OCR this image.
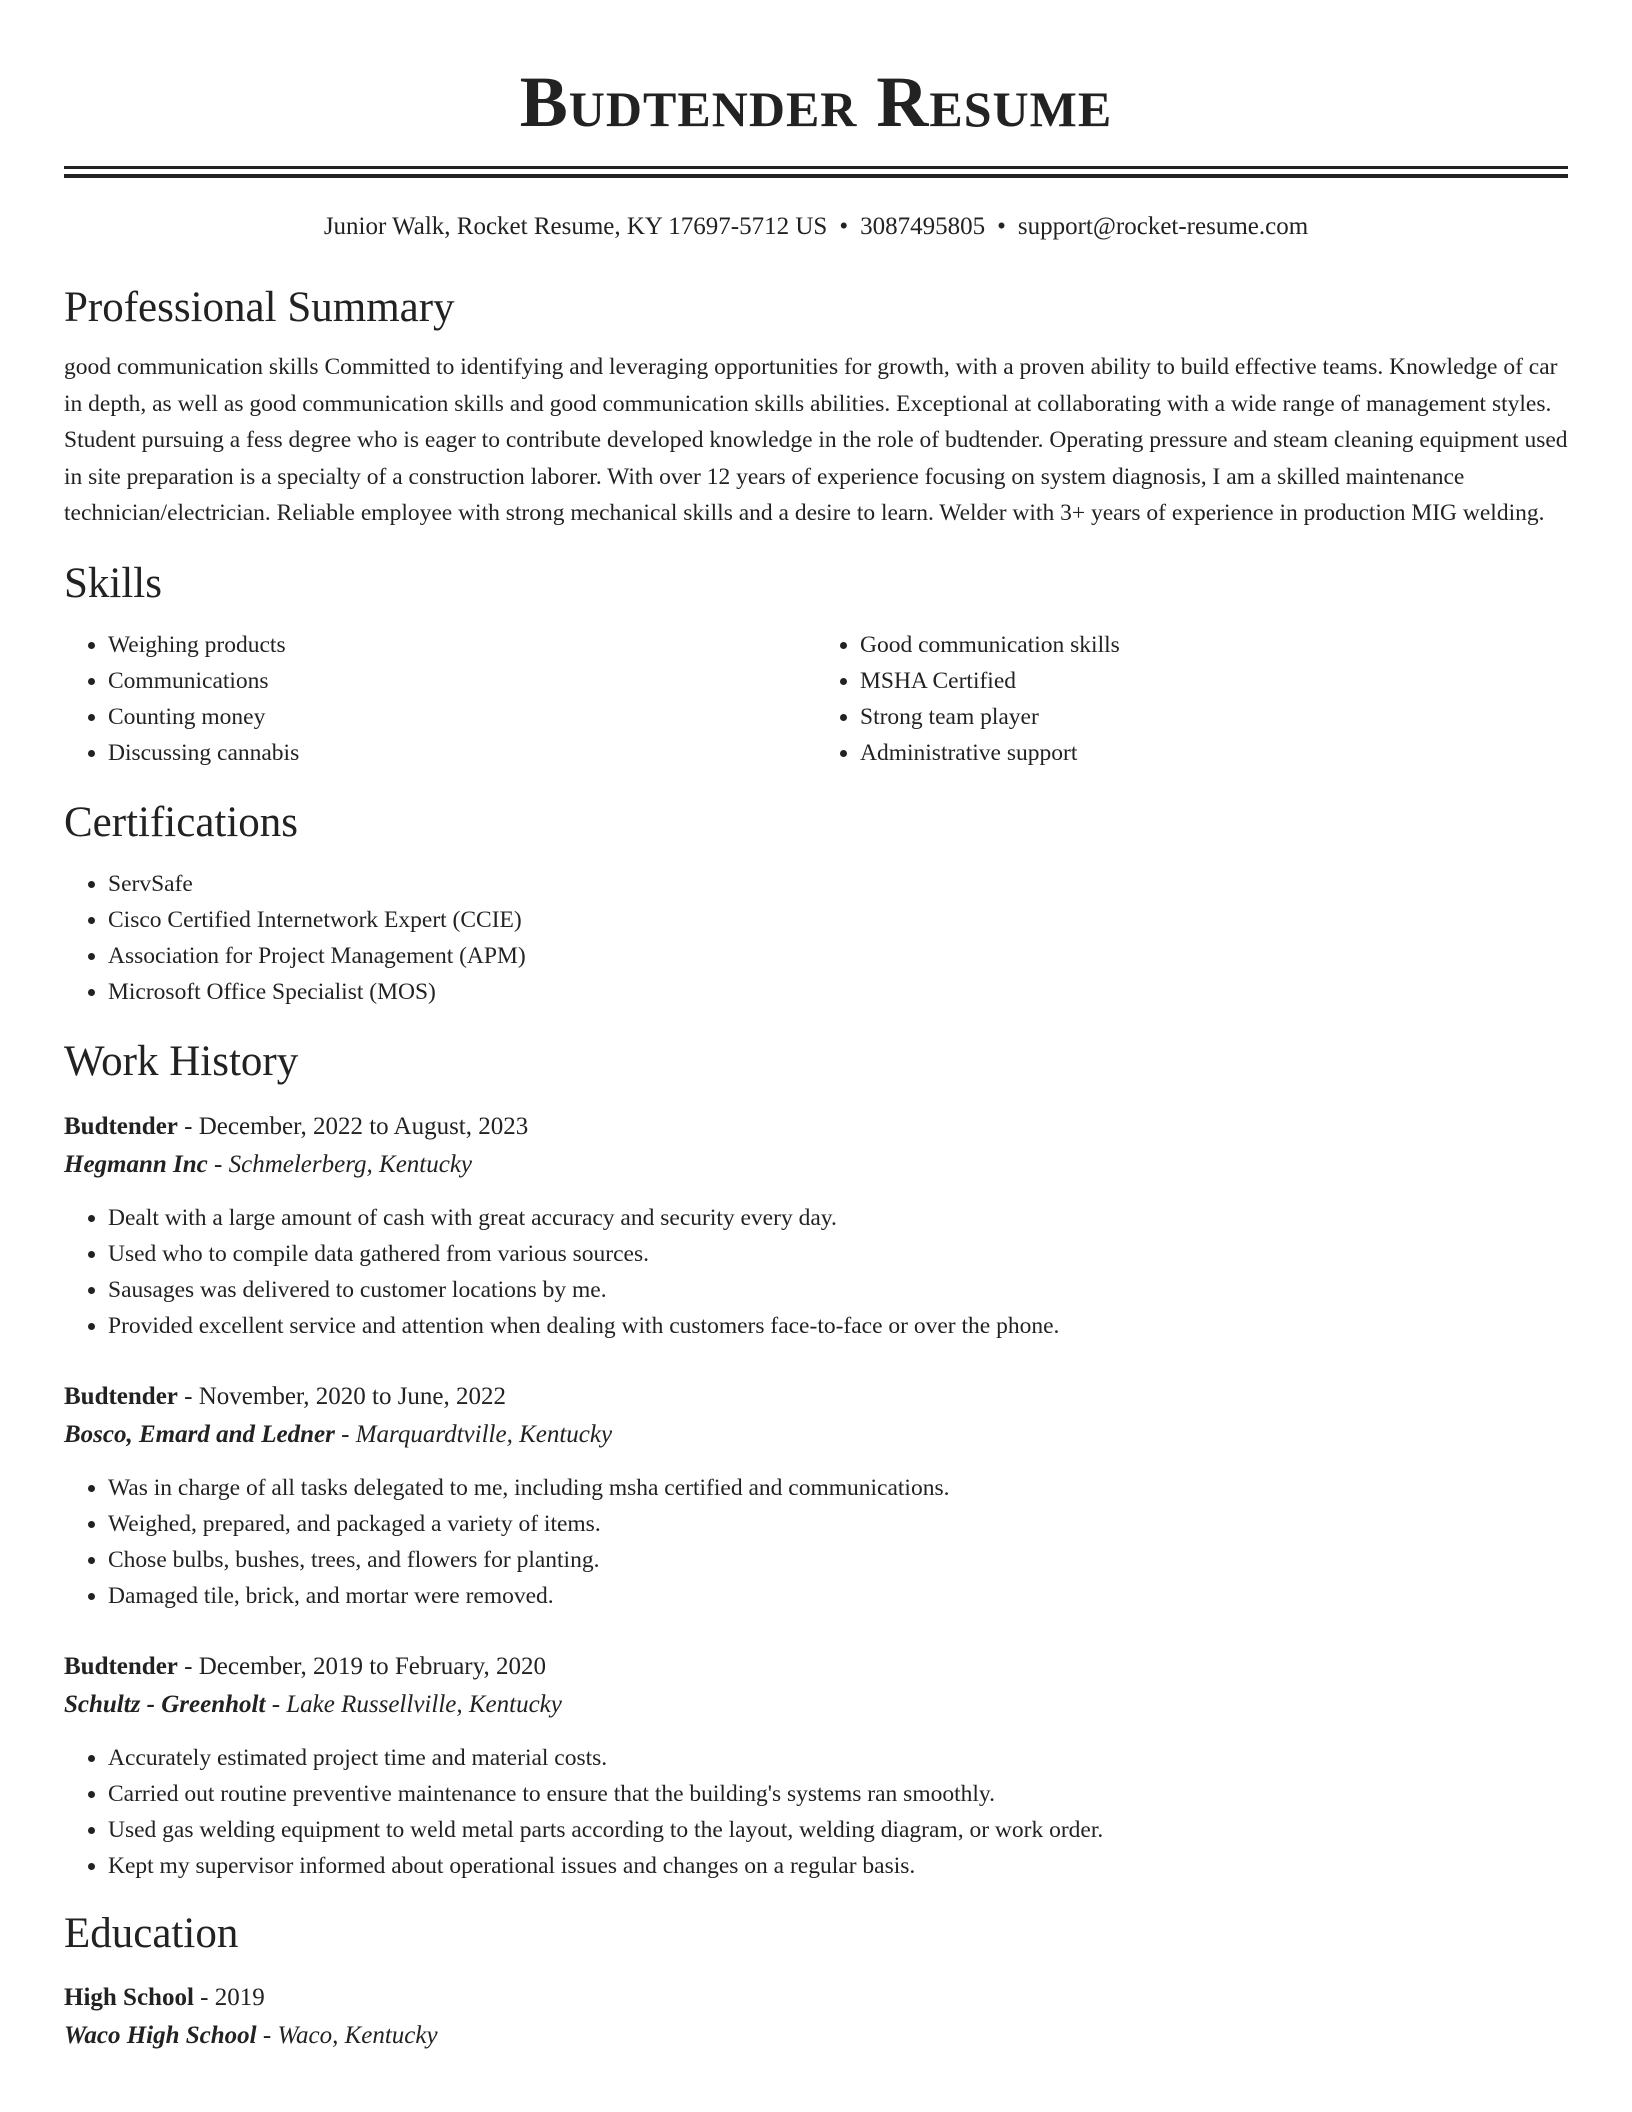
Budtender Resume
Junior Walk, Rocket Resume, KY 17697-5712 US • 3087495805 • support@rocket-resume.com
Professional Summary
good communication skills Committed to identifying and leveraging opportunities for growth, with a proven ability to build effective teams. Knowledge of car in depth, as well as good communication skills and good communication skills abilities. Exceptional at collaborating with a wide range of management styles. Student pursuing a fess degree who is eager to contribute developed knowledge in the role of budtender. Operating pressure and steam cleaning equipment used in site preparation is a specialty of a construction laborer. With over 12 years of experience focusing on system diagnosis, I am a skilled maintenance technician/electrician. Reliable employee with strong mechanical skills and a desire to learn. Welder with 3+ years of experience in production MIG welding.
Skills
• Weighing products
• Communications
• Counting money
• Discussing cannabis
• Good communication skills
• MSHA Certified
• Strong team player
• Administrative support
Certifications
• ServSafe
• Cisco Certified Internetwork Expert (CCIE)
• Association for Project Management (APM)
• Microsoft Office Specialist (MOS)
Work History
Budtender - December, 2022 to August, 2023
Hegmann Inc - Schmelerberg, Kentucky
• Dealt with a large amount of cash with great accuracy and security every day.
• Used who to compile data gathered from various sources.
• Sausages was delivered to customer locations by me.
• Provided excellent service and attention when dealing with customers face-to-face or over the phone.
Budtender - November, 2020 to June, 2022
Bosco, Emard and Ledner - Marquardtville, Kentucky
• Was in charge of all tasks delegated to me, including msha certified and communications.
• Weighed, prepared, and packaged a variety of items.
• Chose bulbs, bushes, trees, and flowers for planting.
• Damaged tile, brick, and mortar were removed.
Budtender - December, 2019 to February, 2020
Schultz - Greenholt - Lake Russellville, Kentucky
• Accurately estimated project time and material costs.
• Carried out routine preventive maintenance to ensure that the building's systems ran smoothly.
• Used gas welding equipment to weld metal parts according to the layout, welding diagram, or work order.
• Kept my supervisor informed about operational issues and changes on a regular basis.
Education
High School - 2019
Waco High School - Waco, Kentucky
